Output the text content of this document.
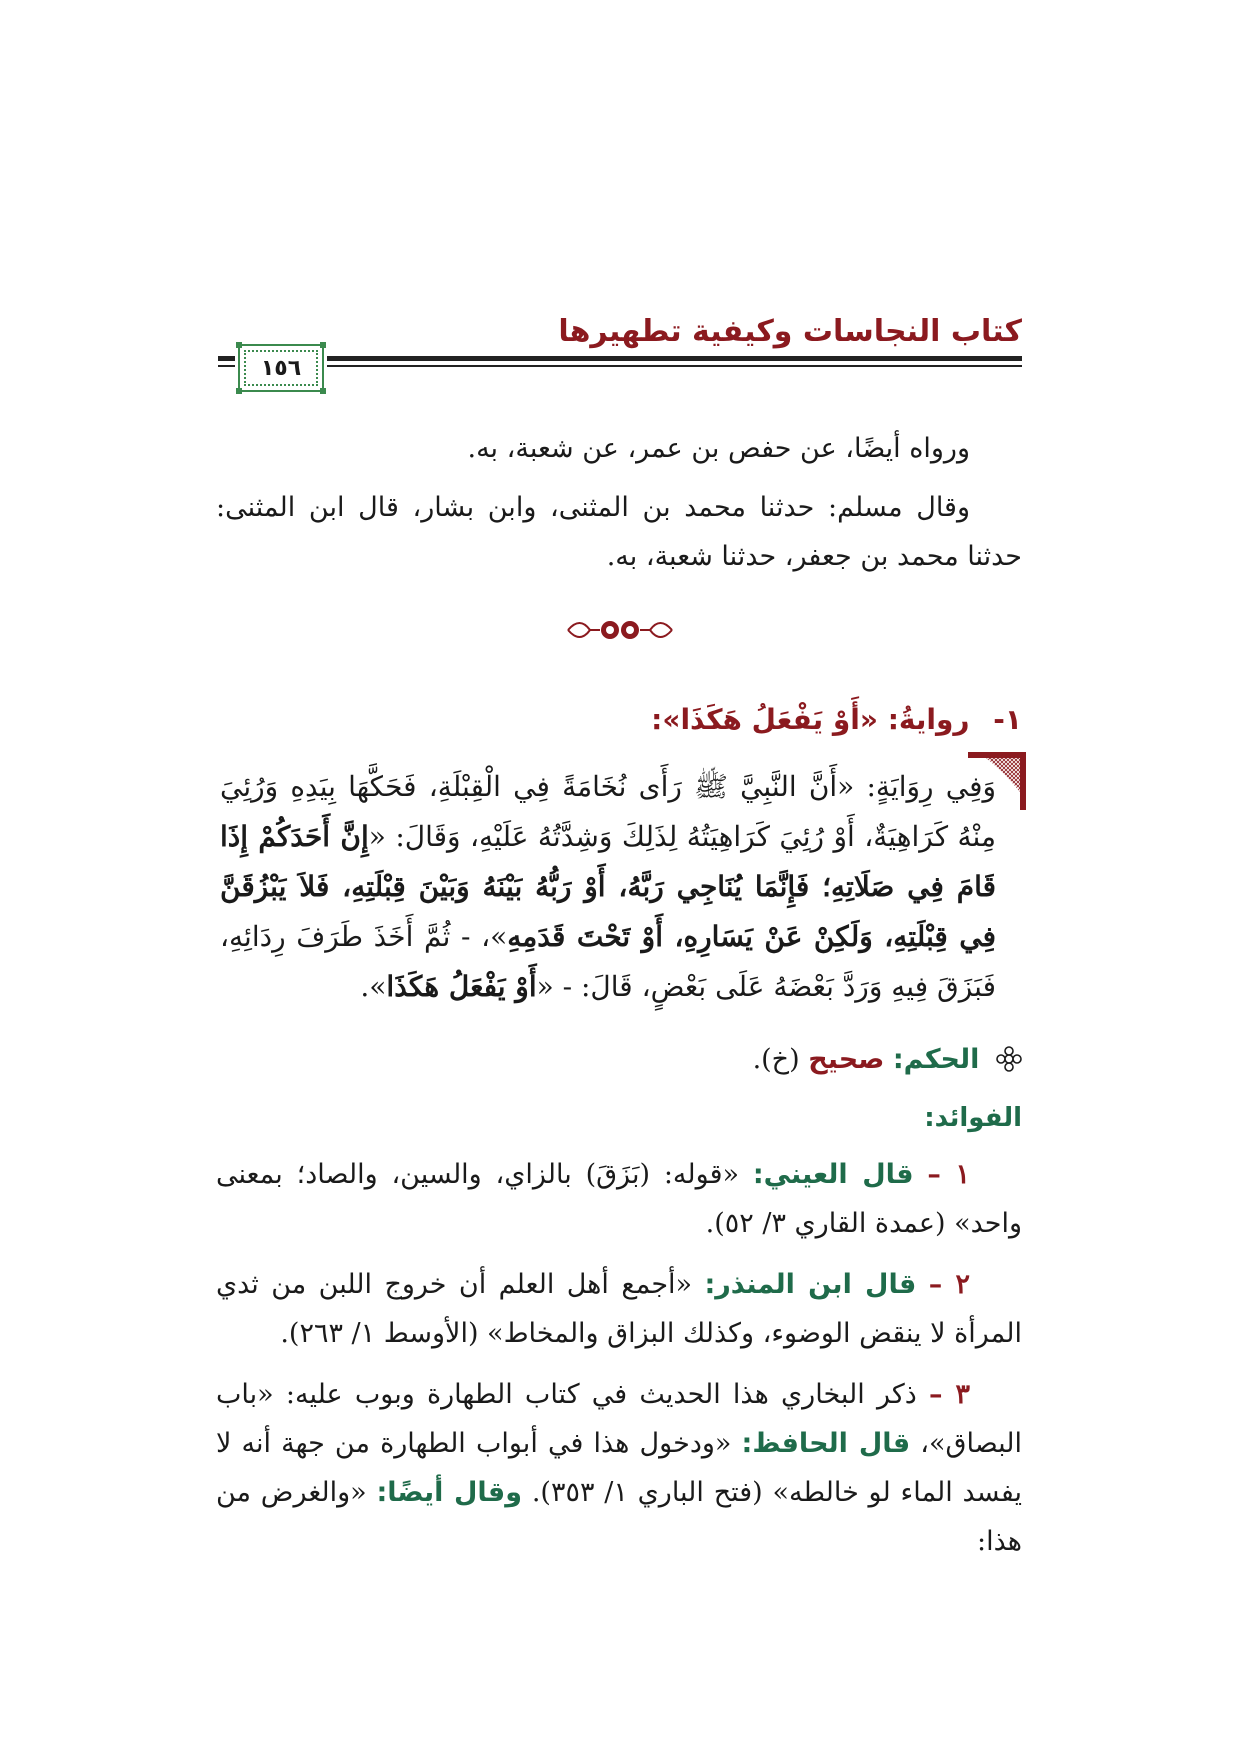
كتاب النجاسات وكيفية تطهيرها
١٥٦

ورواه أيضًا، عن حفص بن عمر، عن شعبة، به.

وقال مسلم: حدثنا محمد بن المثنى، وابن بشار، قال ابن المثنى: حدثنا محمد بن جعفر، حدثنا شعبة، به.

١- روايةُ: «أَوْ يَفْعَلُ هَكَذَا»:
وَفِي رِوَايَةٍ: «أَنَّ النَّبِيَّ ﷺ رَأَى نُخَامَةً فِي الْقِبْلَةِ، فَحَكَّهَا بِيَدِهِ وَرُئِيَ مِنْهُ كَرَاهِيَةٌ، أَوْ رُئِيَ كَرَاهِيَتُهُ لِذَلِكَ وَشِدَّتُهُ عَلَيْهِ، وَقَالَ: «إِنَّ أَحَدَكُمْ إِذَا قَامَ فِي صَلَاتِهِ؛ فَإِنَّمَا يُنَاجِي رَبَّهُ، أَوْ رَبُّهُ بَيْنَهُ وَبَيْنَ قِبْلَتِهِ، فَلاَ يَبْزُقَنَّ فِي قِبْلَتِهِ، وَلَكِنْ عَنْ يَسَارِهِ، أَوْ تَحْتَ قَدَمِهِ»، - ثُمَّ أَخَذَ طَرَفَ رِدَائِهِ، فَبَزَقَ فِيهِ وَرَدَّ بَعْضَهُ عَلَى بَعْضٍ، قَالَ: - «أَوْ يَفْعَلُ هَكَذَا».
الحكم: صحيح (خ).
الفوائد:

١ – قال العيني: «قوله: (بَزَقَ) بالزاي، والسين، والصاد؛ بمعنى واحد» (عمدة القاري ٣/ ٥٢).

٢ – قال ابن المنذر: «أجمع أهل العلم أن خروج اللبن من ثدي المرأة لا ينقض الوضوء، وكذلك البزاق والمخاط» (الأوسط ١/ ٢٦٣).

٣ – ذكر البخاري هذا الحديث في كتاب الطهارة وبوب عليه: «باب البصاق»، قال الحافظ: «ودخول هذا في أبواب الطهارة من جهة أنه لا يفسد الماء لو خالطه» (فتح الباري ١/ ٣٥٣). وقال أيضًا: «والغرض من هذا:
